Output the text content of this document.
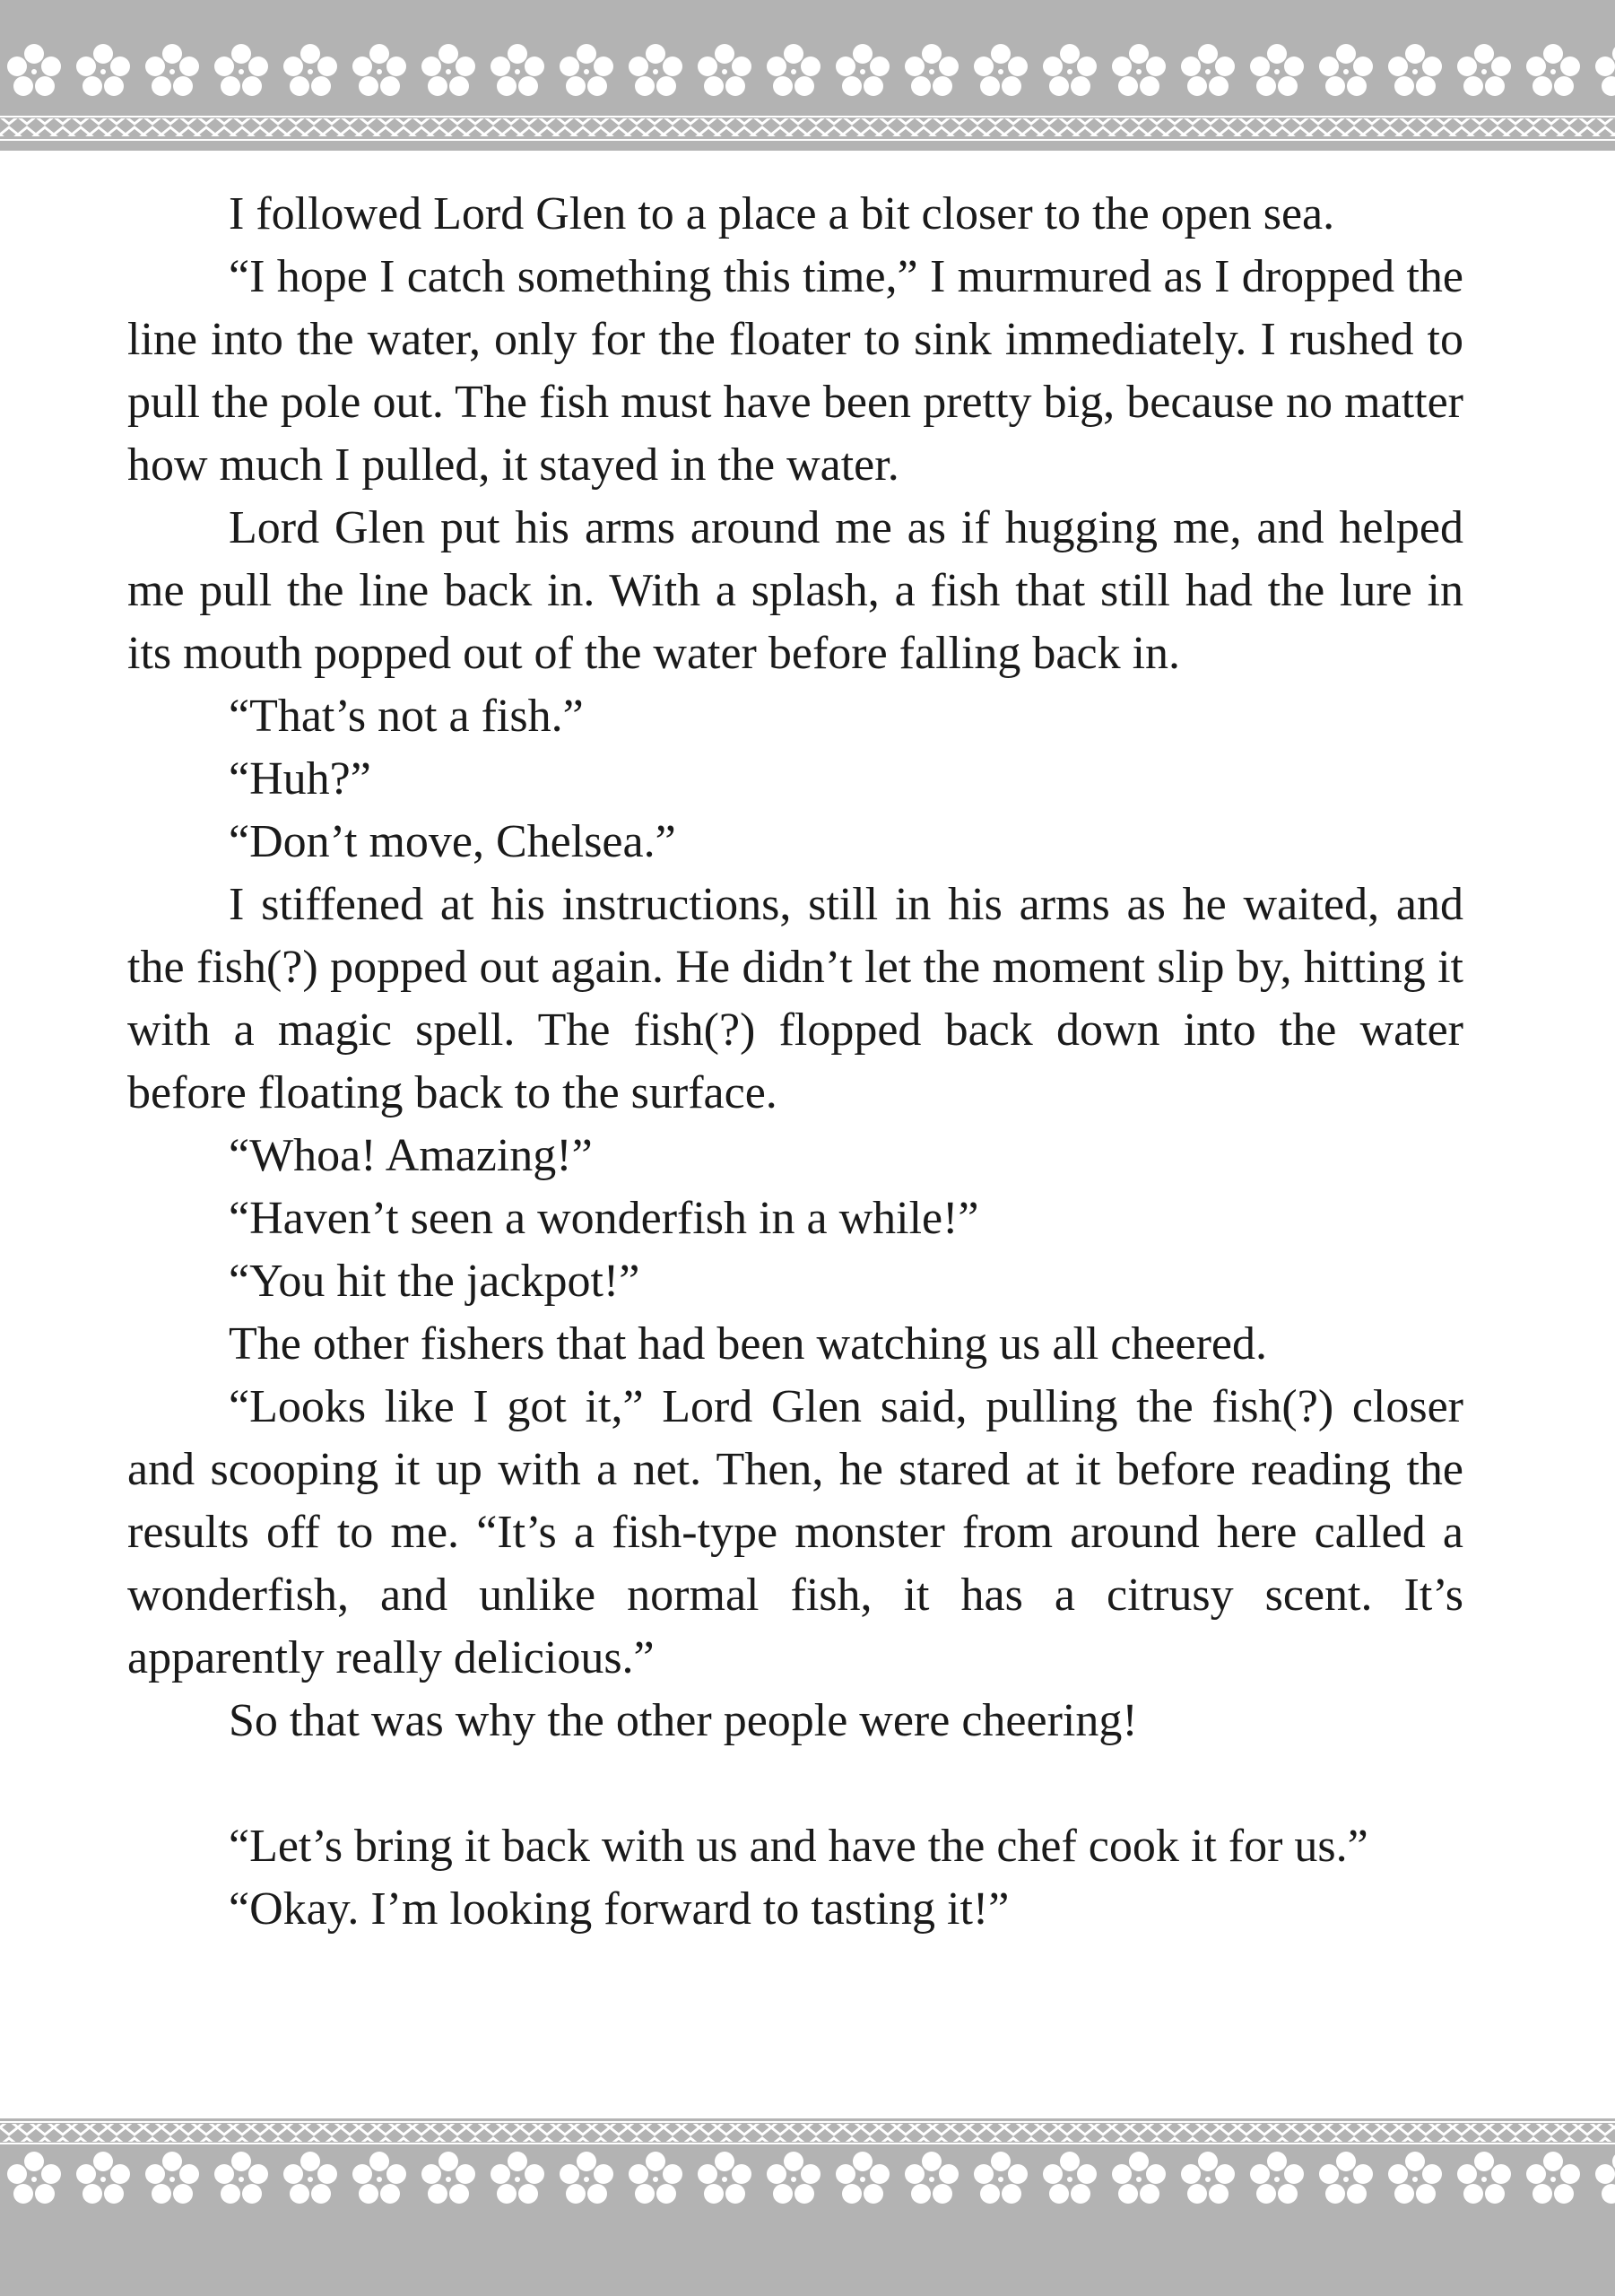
I followed Lord Glen to a place a bit closer to the open sea.

“I hope I catch something this time,” I murmured as I dropped the line into the water, only for the floater to sink immediately. I rushed to pull the pole out. The fish must have been pretty big, because no matter how much I pulled, it stayed in the water.

Lord Glen put his arms around me as if hugging me, and helped me pull the line back in. With a splash, a fish that still had the lure in its mouth popped out of the water before falling back in.

“That’s not a fish.”

“Huh?”

“Don’t move, Chelsea.”

I stiffened at his instructions, still in his arms as he waited, and the fish(?) popped out again. He didn’t let the moment slip by, hitting it with a magic spell. The fish(?) flopped back down into the water before floating back to the surface.

“Whoa! Amazing!”

“Haven’t seen a wonderfish in a while!”

“You hit the jackpot!”

The other fishers that had been watching us all cheered.

“Looks like I got it,” Lord Glen said, pulling the fish(?) closer and scooping it up with a net. Then, he stared at it before reading the results off to me. “It’s a fish-type monster from around here called a wonderfish, and unlike normal fish, it has a citrusy scent. It’s apparently really delicious.”

So that was why the other people were cheering!

“Let’s bring it back with us and have the chef cook it for us.”

“Okay. I’m looking forward to tasting it!”
